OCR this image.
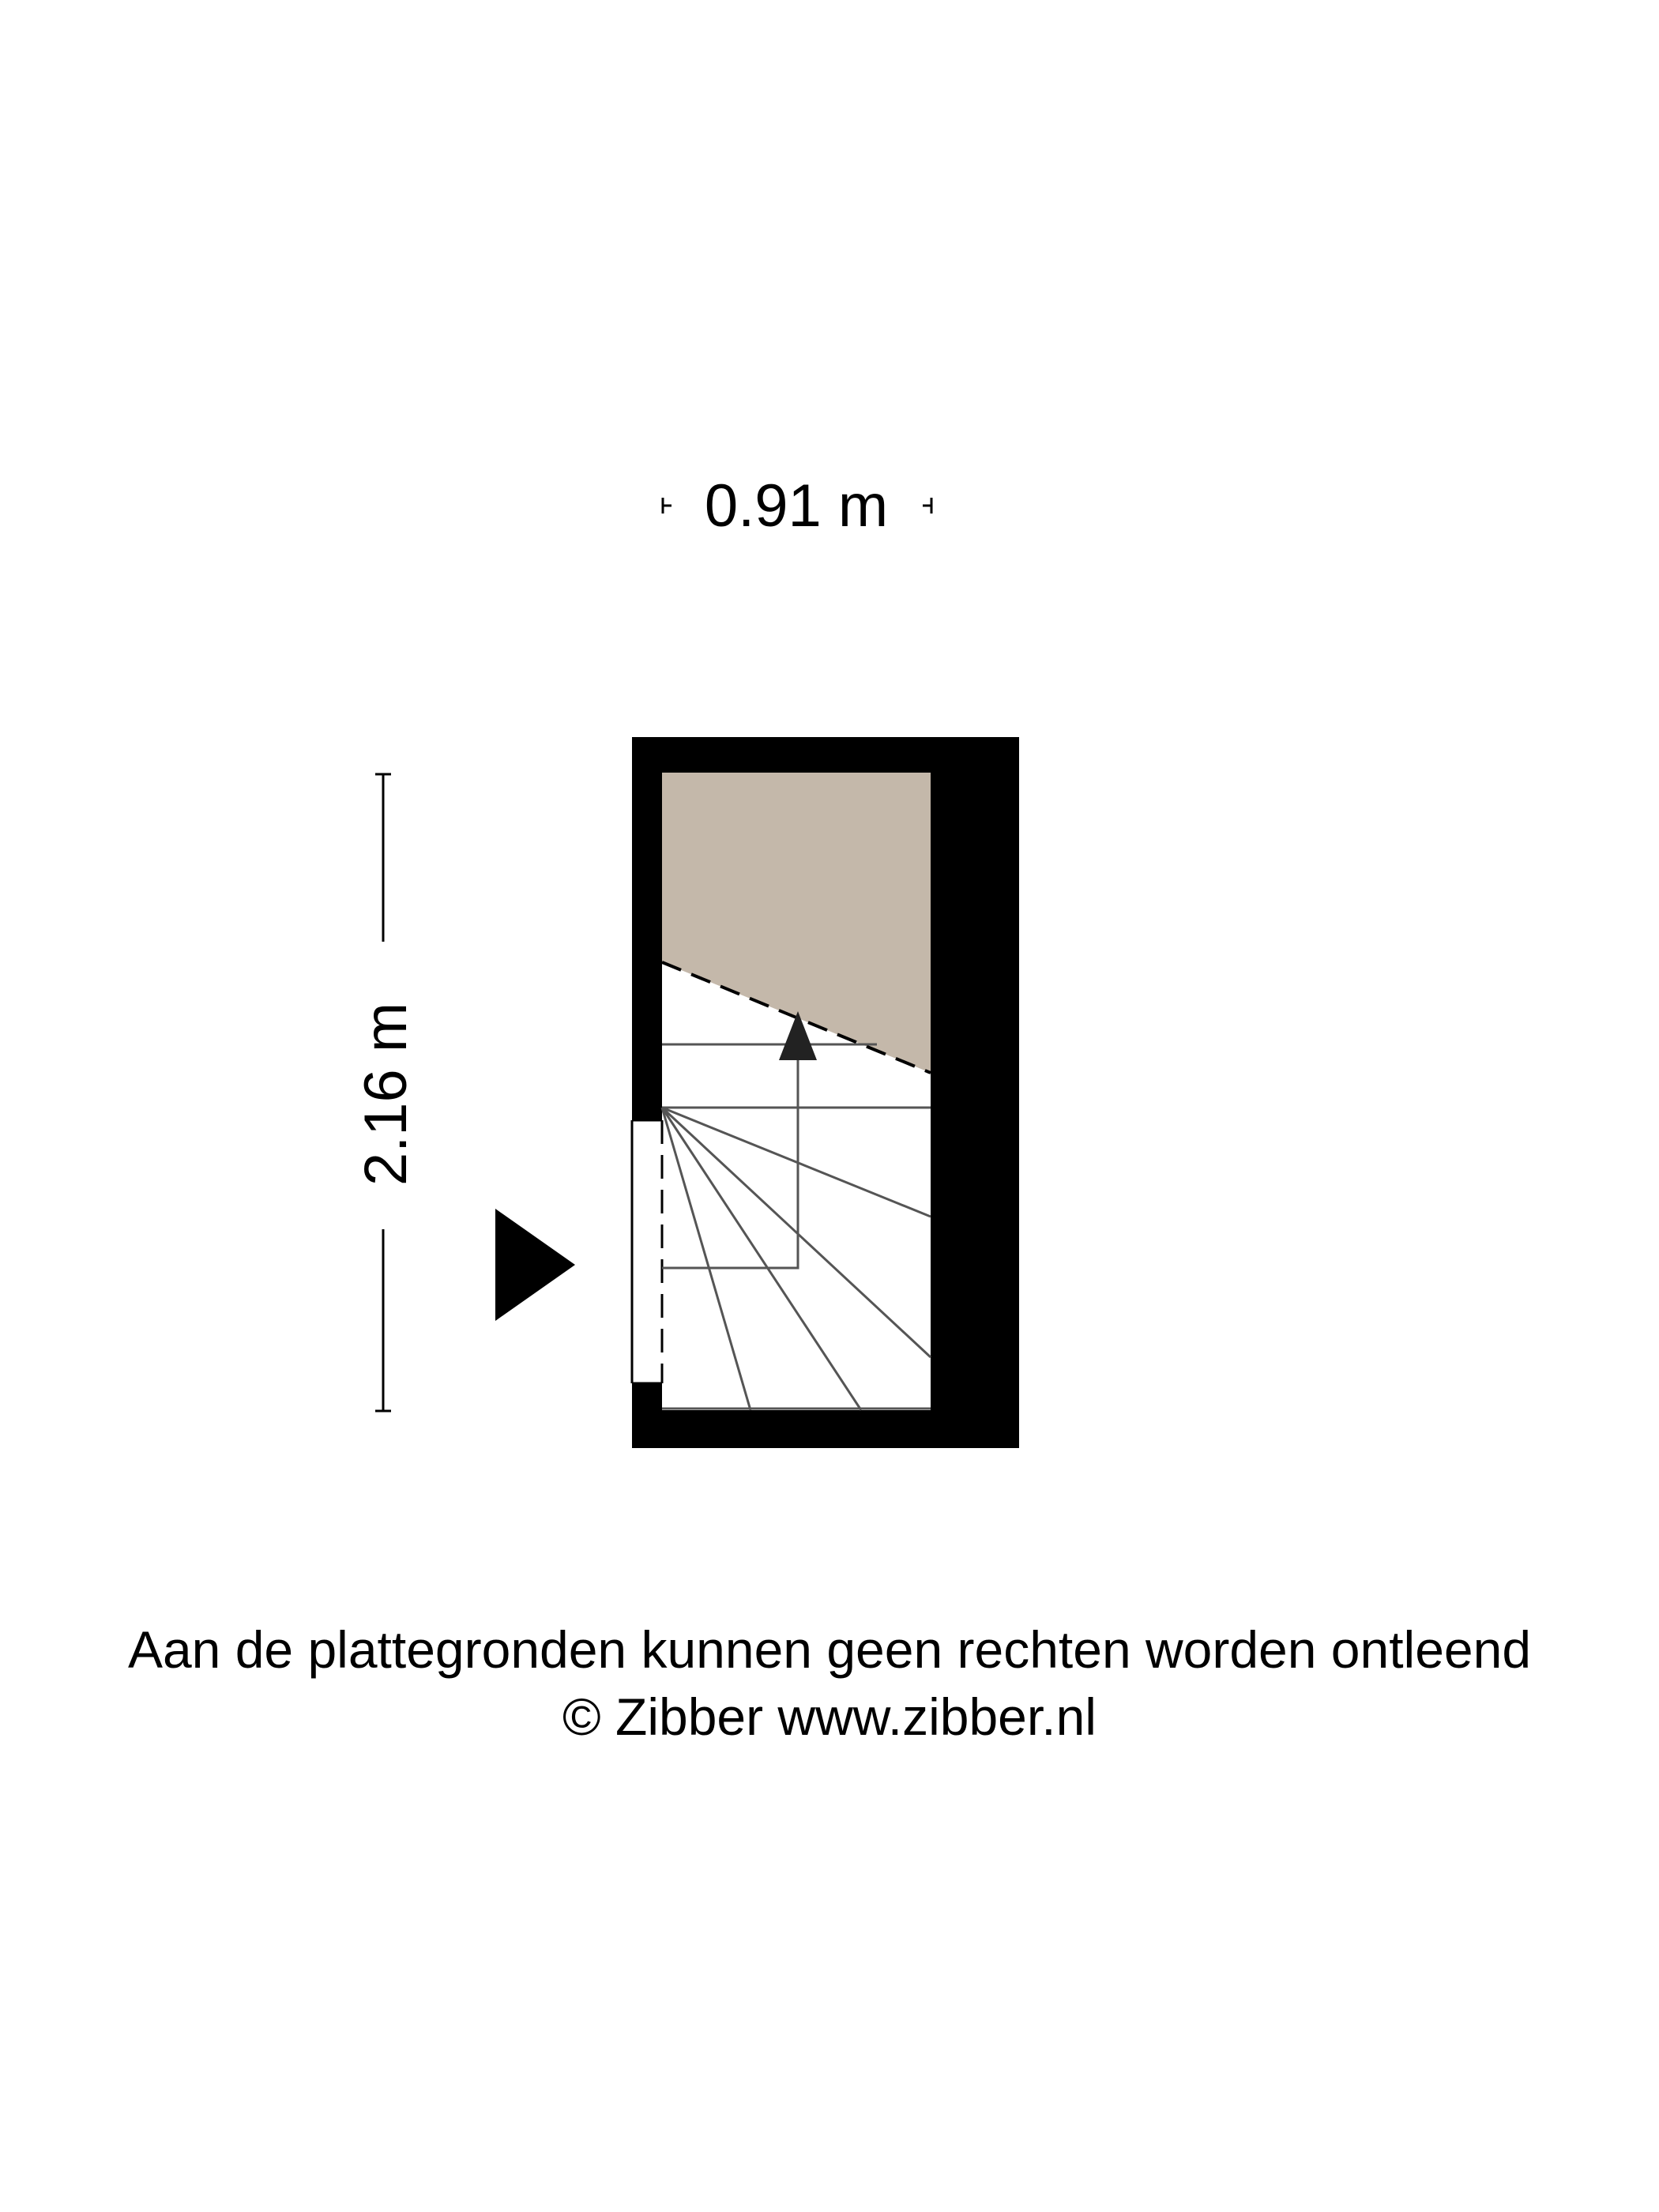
0.91 m
2.16 m
Aan de plattegronden kunnen geen rechten worden ontleend
© Zibber www.zibber.nl
